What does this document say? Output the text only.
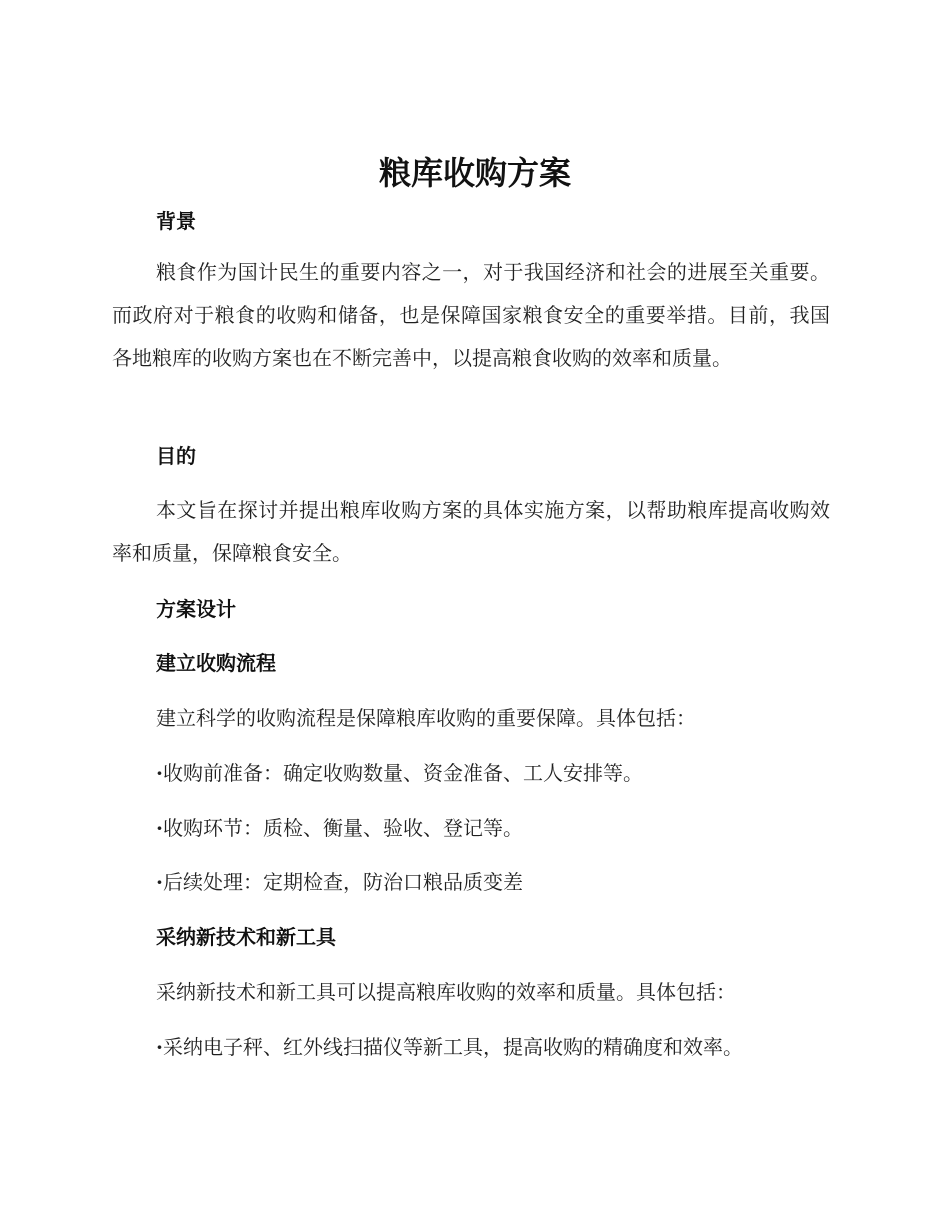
粮库收购方案
背景

粮食作为国计民生的重要内容之一，对于我国经济和社会的进展至关重要。而政府对于粮食的收购和储备，也是保障国家粮食安全的重要举措。目前，我国各地粮库的收购方案也在不断完善中，以提高粮食收购的效率和质量。

目的

本文旨在探讨并提出粮库收购方案的具体实施方案，以帮助粮库提高收购效率和质量，保障粮食安全。

方案设计
建立收购流程
建立科学的收购流程是保障粮库收购的重要保障。具体包括：
·收购前准备：确定收购数量、资金准备、工人安排等。
·收购环节：质检、衡量、验收、登记等。
·后续处理：定期检查，防治口粮品质变差
采纳新技术和新工具
采纳新技术和新工具可以提高粮库收购的效率和质量。具体包括：
·采纳电子秤、红外线扫描仪等新工具，提高收购的精确度和效率。
